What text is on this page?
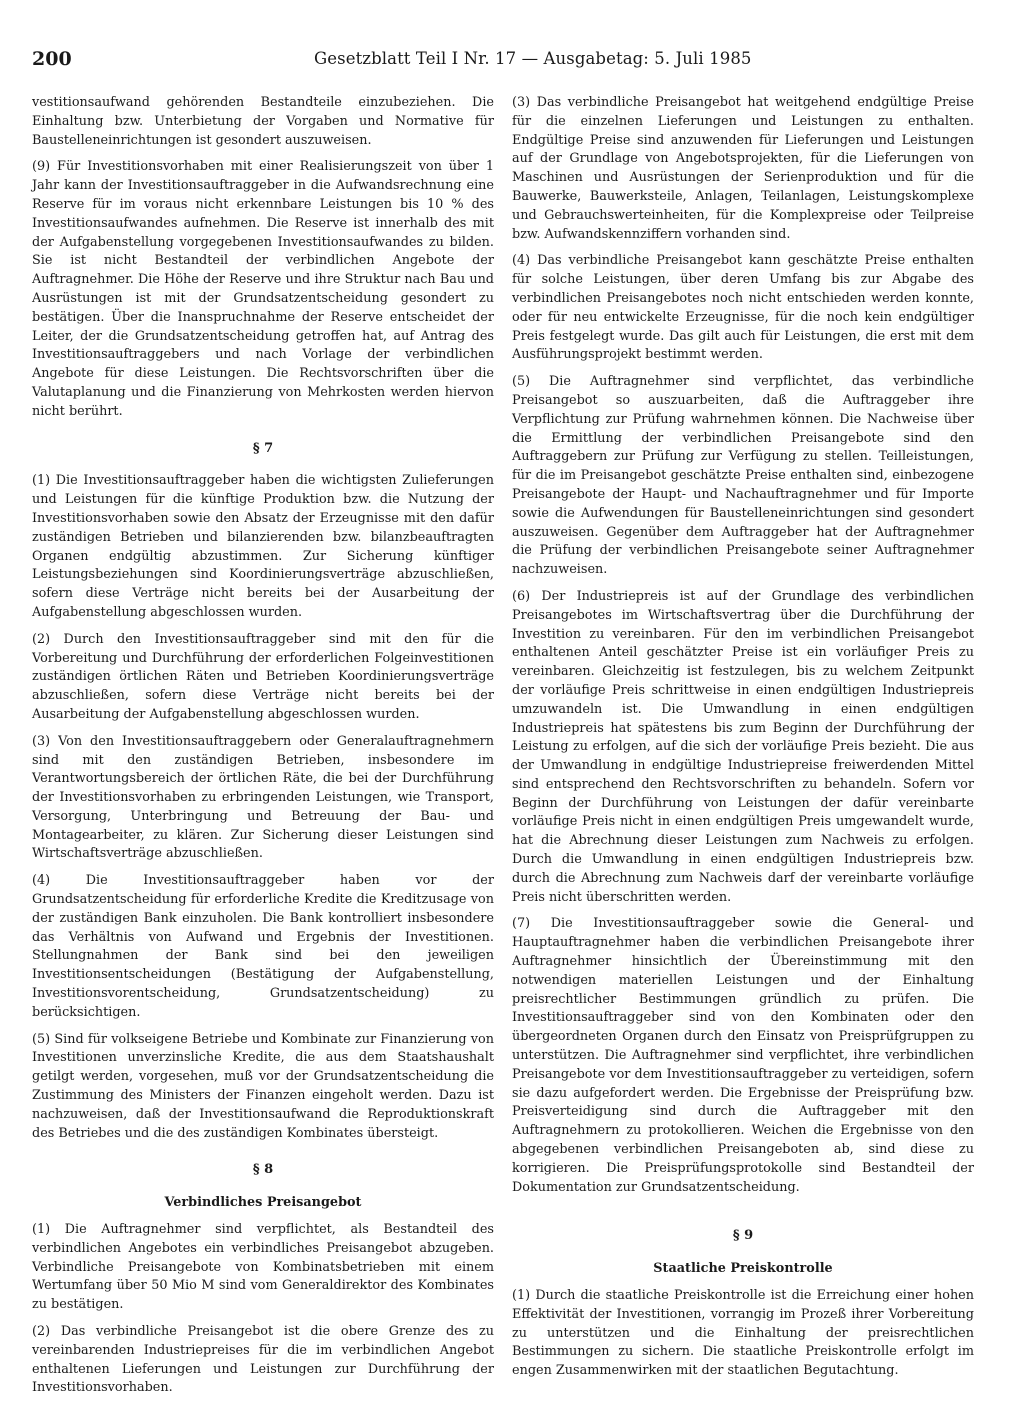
200	Gesetzblatt Teil I Nr. 17 — Ausgabetag: 5. Juli 1985

vestitionsaufwand gehörenden Bestandteile einzubeziehen. Die Einhaltung bzw. Unterbietung der Vorgaben und Normative für Baustelleneinrichtungen ist gesondert auszuweisen.

(9) Für Investitionsvorhaben mit einer Realisierungszeit von über 1 Jahr kann der Investitionsauftraggeber in die Aufwandsrechnung eine Reserve für im voraus nicht erkennbare Leistungen bis 10 % des Investitionsaufwandes aufnehmen. Die Reserve ist innerhalb des mit der Aufgabenstellung vorgegebenen Investitionsaufwandes zu bilden. Sie ist nicht Bestandteil der verbindlichen Angebote der Auftragnehmer. Die Höhe der Reserve und ihre Struktur nach Bau und Ausrüstungen ist mit der Grundsatzentscheidung gesondert zu bestätigen. Über die Inanspruchnahme der Reserve entscheidet der Leiter, der die Grundsatzentscheidung getroffen hat, auf Antrag des Investitionsauftraggebers und nach Vorlage der verbindlichen Angebote für diese Leistungen. Die Rechtsvorschriften über die Valutaplanung und die Finanzierung von Mehrkosten werden hiervon nicht berührt.

§ 7

(1) Die Investitionsauftraggeber haben die wichtigsten Zulieferungen und Leistungen für die künftige Produktion bzw. die Nutzung der Investitionsvorhaben sowie den Absatz der Erzeugnisse mit den dafür zuständigen Betrieben und bilanzierenden bzw. bilanzbeauftragten Organen endgültig abzustimmen. Zur Sicherung künftiger Leistungsbeziehungen sind Koordinierungsverträge abzuschließen, sofern diese Verträge nicht bereits bei der Ausarbeitung der Aufgabenstellung abgeschlossen wurden.

(2) Durch den Investitionsauftraggeber sind mit den für die Vorbereitung und Durchführung der erforderlichen Folgeinvestitionen zuständigen örtlichen Räten und Betrieben Koordinierungsverträge abzuschließen, sofern diese Verträge nicht bereits bei der Ausarbeitung der Aufgabenstellung abgeschlossen wurden.

(3) Von den Investitionsauftraggebern oder Generalauftragnehmern sind mit den zuständigen Betrieben, insbesondere im Verantwortungsbereich der örtlichen Räte, die bei der Durchführung der Investitionsvorhaben zu erbringenden Leistungen, wie Transport, Versorgung, Unterbringung und Betreuung der Bau- und Montagearbeiter, zu klären. Zur Sicherung dieser Leistungen sind Wirtschaftsverträge abzuschließen.

(4) Die Investitionsauftraggeber haben vor der Grundsatzentscheidung für erforderliche Kredite die Kreditzusage von der zuständigen Bank einzuholen. Die Bank kontrolliert insbesondere das Verhältnis von Aufwand und Ergebnis der Investitionen. Stellungnahmen der Bank sind bei den jeweiligen Investitionsentscheidungen (Bestätigung der Aufgabenstellung, Investitionsvorentscheidung, Grundsatzentscheidung) zu berücksichtigen.

(5) Sind für volkseigene Betriebe und Kombinate zur Finanzierung von Investitionen unverzinsliche Kredite, die aus dem Staatshaushalt getilgt werden, vorgesehen, muß vor der Grundsatzentscheidung die Zustimmung des Ministers der Finanzen eingeholt werden. Dazu ist nachzuweisen, daß der Investitionsaufwand die Reproduktionskraft des Betriebes und die des zuständigen Kombinates übersteigt.

§ 8
Verbindliches Preisangebot

(1) Die Auftragnehmer sind verpflichtet, als Bestandteil des verbindlichen Angebotes ein verbindliches Preisangebot abzugeben. Verbindliche Preisangebote von Kombinatsbetrieben mit einem Wertumfang über 50 Mio M sind vom Generaldirektor des Kombinates zu bestätigen.

(2) Das verbindliche Preisangebot ist die obere Grenze des zu vereinbarenden Industriepreises für die im verbindlichen Angebot enthaltenen Lieferungen und Leistungen zur Durchführung der Investitionsvorhaben.

(3) Das verbindliche Preisangebot hat weitgehend endgültige Preise für die einzelnen Lieferungen und Leistungen zu enthalten. Endgültige Preise sind anzuwenden für Lieferungen und Leistungen auf der Grundlage von Angebotsprojekten, für die Lieferungen von Maschinen und Ausrüstungen der Serienproduktion und für die Bauwerke, Bauwerksteile, Anlagen, Teilanlagen, Leistungskomplexe und Gebrauchswerteinheiten, für die Komplexpreise oder Teilpreise bzw. Aufwandskennziffern vorhanden sind.

(4) Das verbindliche Preisangebot kann geschätzte Preise enthalten für solche Leistungen, über deren Umfang bis zur Abgabe des verbindlichen Preisangebotes noch nicht entschieden werden konnte, oder für neu entwickelte Erzeugnisse, für die noch kein endgültiger Preis festgelegt wurde. Das gilt auch für Leistungen, die erst mit dem Ausführungsprojekt bestimmt werden.

(5) Die Auftragnehmer sind verpflichtet, das verbindliche Preisangebot so auszuarbeiten, daß die Auftraggeber ihre Verpflichtung zur Prüfung wahrnehmen können. Die Nachweise über die Ermittlung der verbindlichen Preisangebote sind den Auftraggebern zur Prüfung zur Verfügung zu stellen. Teilleistungen, für die im Preisangebot geschätzte Preise enthalten sind, einbezogene Preisangebote der Haupt- und Nachauftragnehmer und für Importe sowie die Aufwendungen für Baustelleneinrichtungen sind gesondert auszuweisen. Gegenüber dem Auftraggeber hat der Auftragnehmer die Prüfung der verbindlichen Preisangebote seiner Auftragnehmer nachzuweisen.

(6) Der Industriepreis ist auf der Grundlage des verbindlichen Preisangebotes im Wirtschaftsvertrag über die Durchführung der Investition zu vereinbaren. Für den im verbindlichen Preisangebot enthaltenen Anteil geschätzter Preise ist ein vorläufiger Preis zu vereinbaren. Gleichzeitig ist festzulegen, bis zu welchem Zeitpunkt der vorläufige Preis schrittweise in einen endgültigen Industriepreis umzuwandeln ist. Die Umwandlung in einen endgültigen Industriepreis hat spätestens bis zum Beginn der Durchführung der Leistung zu erfolgen, auf die sich der vorläufige Preis bezieht. Die aus der Umwandlung in endgültige Industriepreise freiwerdenden Mittel sind entsprechend den Rechtsvorschriften zu behandeln. Sofern vor Beginn der Durchführung von Leistungen der dafür vereinbarte vorläufige Preis nicht in einen endgültigen Preis umgewandelt wurde, hat die Abrechnung dieser Leistungen zum Nachweis zu erfolgen. Durch die Umwandlung in einen endgültigen Industriepreis bzw. durch die Abrechnung zum Nachweis darf der vereinbarte vorläufige Preis nicht überschritten werden.

(7) Die Investitionsauftraggeber sowie die General- und Hauptauftragnehmer haben die verbindlichen Preisangebote ihrer Auftragnehmer hinsichtlich der Übereinstimmung mit den notwendigen materiellen Leistungen und der Einhaltung preisrechtlicher Bestimmungen gründlich zu prüfen. Die Investitionsauftraggeber sind von den Kombinaten oder den übergeordneten Organen durch den Einsatz von Preisprüfgruppen zu unterstützen. Die Auftragnehmer sind verpflichtet, ihre verbindlichen Preisangebote vor dem Investitionsauftraggeber zu verteidigen, sofern sie dazu aufgefordert werden. Die Ergebnisse der Preisprüfung bzw. Preisverteidigung sind durch die Auftraggeber mit den Auftragnehmern zu protokollieren. Weichen die Ergebnisse von den abgegebenen verbindlichen Preisangeboten ab, sind diese zu korrigieren. Die Preisprüfungsprotokolle sind Bestandteil der Dokumentation zur Grundsatzentscheidung.

§ 9
Staatliche Preiskontrolle

(1) Durch die staatliche Preiskontrolle ist die Erreichung einer hohen Effektivität der Investitionen, vorrangig im Prozeß ihrer Vorbereitung zu unterstützen und die Einhaltung der preisrechtlichen Bestimmungen zu sichern. Die staatliche Preiskontrolle erfolgt im engen Zusammenwirken mit der staatlichen Begutachtung.
